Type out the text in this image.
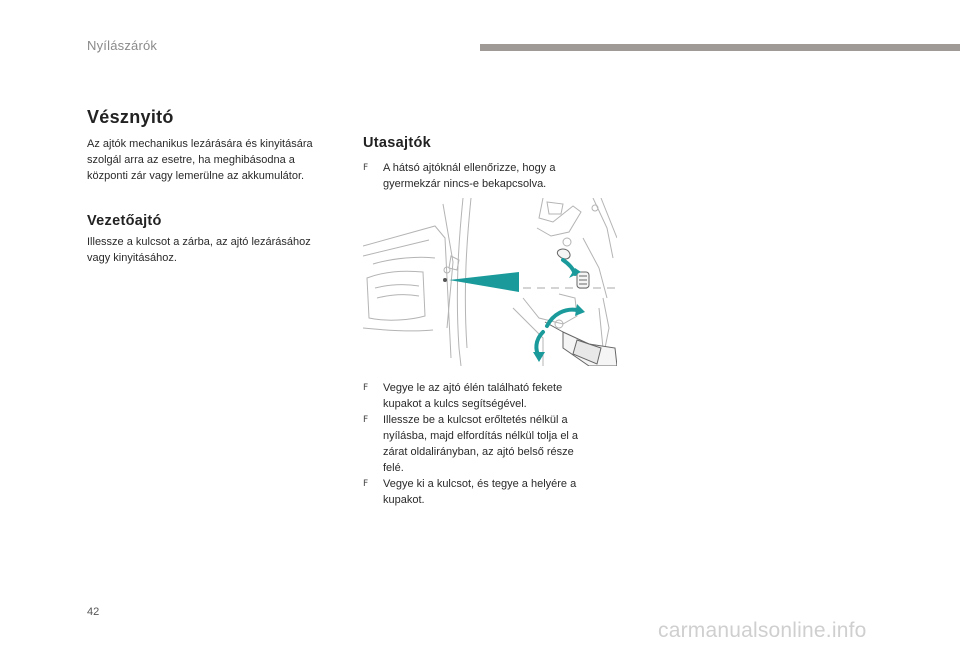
Nyílászárók
Vésznyitó
Az ajtók mechanikus lezárására és kinyitására
szolgál arra az esetre, ha meghibásodna a
központi zár vagy lemerülne az akkumulátor.
Vezetőajtó
Illessze a kulcsot a zárba, az ajtó lezárásához
vagy kinyitásához.
Utasajtók
F A hátsó ajtóknál ellenőrizze, hogy a
gyermekzár nincs-e bekapcsolva.
F Vegye le az ajtó élén található fekete
kupakot a kulcs segítségével.
F Illessze be a kulcsot erőltetés nélkül a
nyílásba, majd elfordítás nélkül tolja el a
zárat oldalirányban, az ajtó belső része
felé.
F Vegye ki a kulcsot, és tegye a helyére a
kupakot.
42
carmanualsonline.info
